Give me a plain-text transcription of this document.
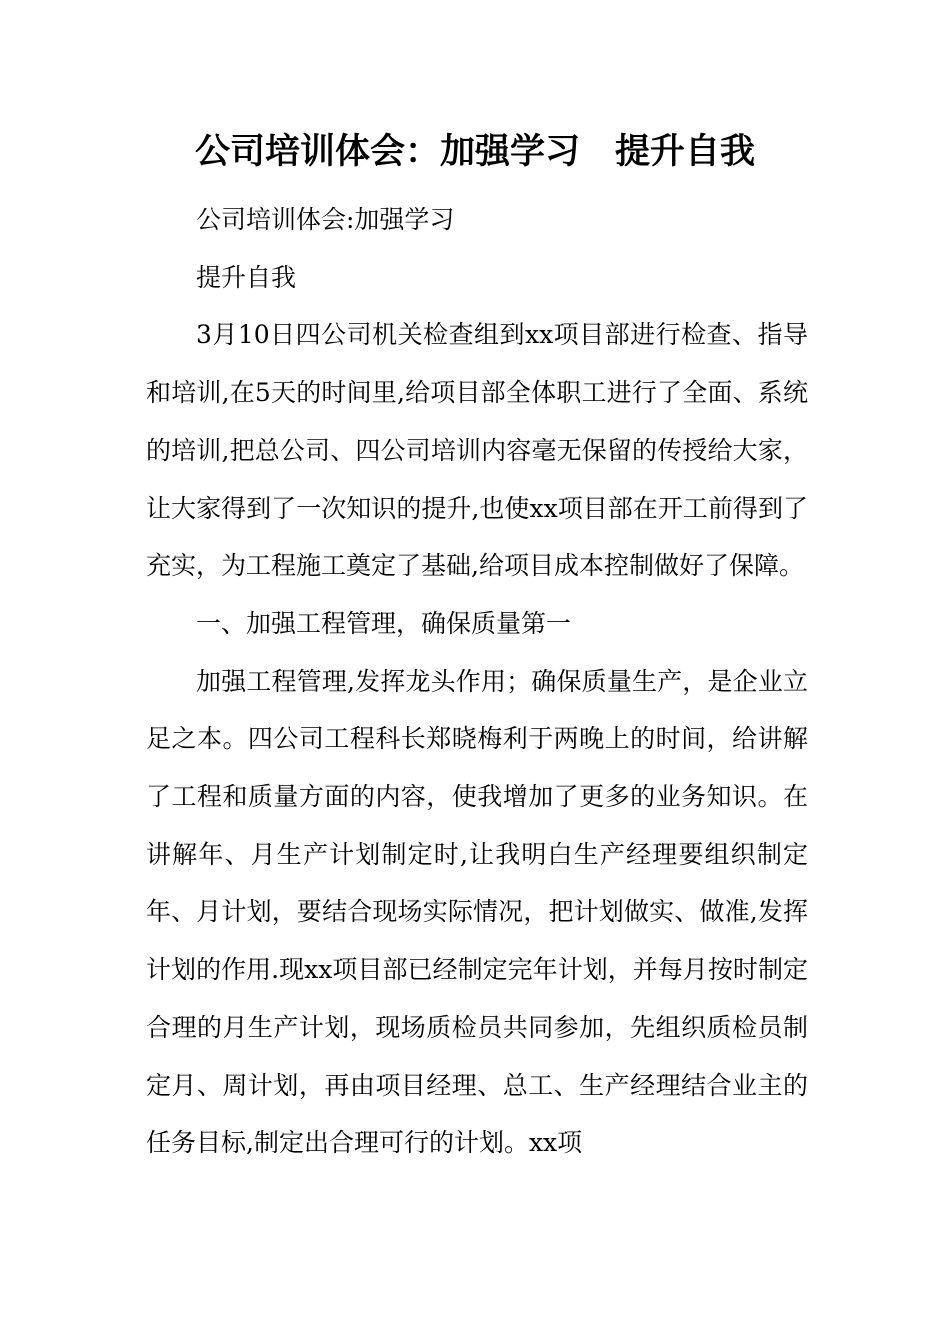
公司培训体会：加强学习　提升自我

公司培训体会:加强学习

提升自我

3月10日四公司机关检查组到xx项目部进行检查、指导和培训,在5天的时间里,给项目部全体职工进行了全面、系统的培训,把总公司、四公司培训内容毫无保留的传授给大家，让大家得到了一次知识的提升,也使xx项目部在开工前得到了充实，为工程施工奠定了基础,给项目成本控制做好了保障。

一、加强工程管理，确保质量第一

加强工程管理,发挥龙头作用；确保质量生产，是企业立足之本。四公司工程科长郑晓梅利于两晚上的时间，给讲解了工程和质量方面的内容，使我增加了更多的业务知识。在讲解年、月生产计划制定时,让我明白生产经理要组织制定年、月计划，要结合现场实际情况，把计划做实、做准,发挥计划的作用.现xx项目部已经制定完年计划，并每月按时制定合理的月生产计划，现场质检员共同参加，先组织质检员制定月、周计划，再由项目经理、总工、生产经理结合业主的任务目标,制定出合理可行的计划。xx项
